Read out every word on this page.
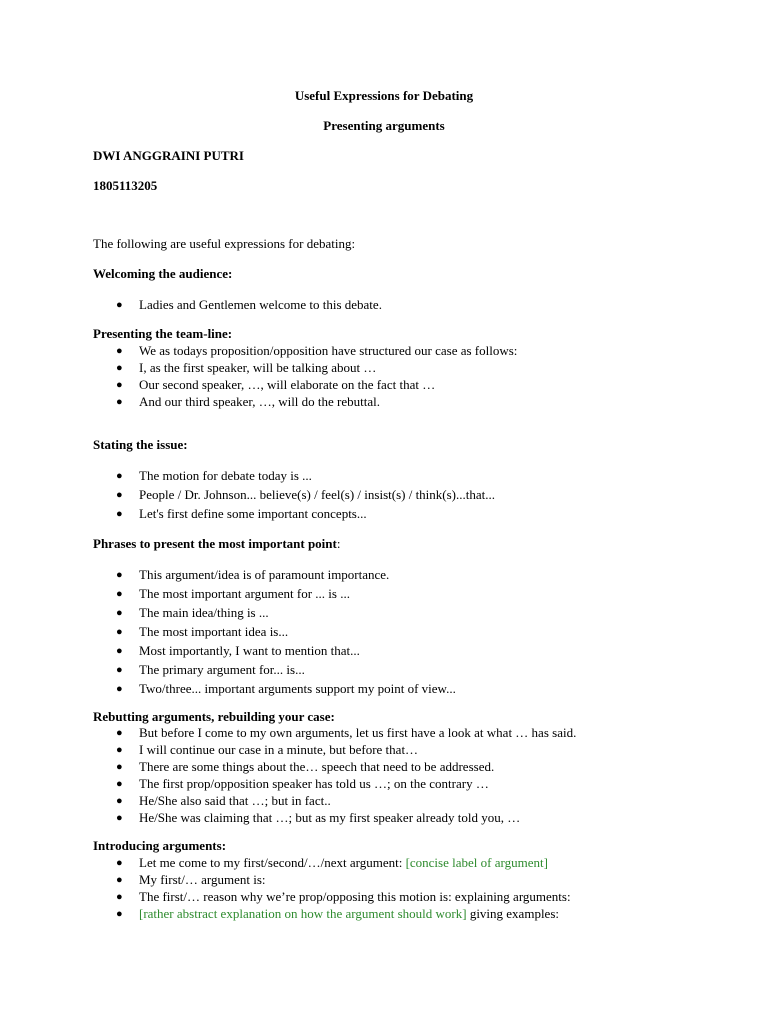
Useful Expressions for Debating
Presenting arguments
DWI ANGGRAINI PUTRI
1805113205
The following are useful expressions for debating:
Welcoming the audience:
● Ladies and Gentlemen welcome to this debate.
Presenting the team-line:
● We as todays proposition/opposition have structured our case as follows:
● I, as the first speaker, will be talking about …
● Our second speaker, …, will elaborate on the fact that …
● And our third speaker, …, will do the rebuttal.
Stating the issue:
● The motion for debate today is ...
● People / Dr. Johnson... believe(s) / feel(s) / insist(s) / think(s)...that...
● Let's first define some important concepts...
Phrases to present the most important point:
● This argument/idea is of paramount importance.
● The most important argument for ... is ...
● The main idea/thing is ...
● The most important idea is...
● Most importantly, I want to mention that...
● The primary argument for... is...
● Two/three... important arguments support my point of view...
Rebutting arguments, rebuilding your case:
● But before I come to my own arguments, let us first have a look at what … has said.
● I will continue our case in a minute, but before that…
● There are some things about the… speech that need to be addressed.
● The first prop/opposition speaker has told us …; on the contrary …
● He/She also said that …; but in fact..
● He/She was claiming that …; but as my first speaker already told you, …
Introducing arguments:
● Let me come to my first/second/…/next argument: [concise label of argument]
● My first/… argument is:
● The first/… reason why we’re prop/opposing this motion is: explaining arguments:
● [rather abstract explanation on how the argument should work] giving examples:
